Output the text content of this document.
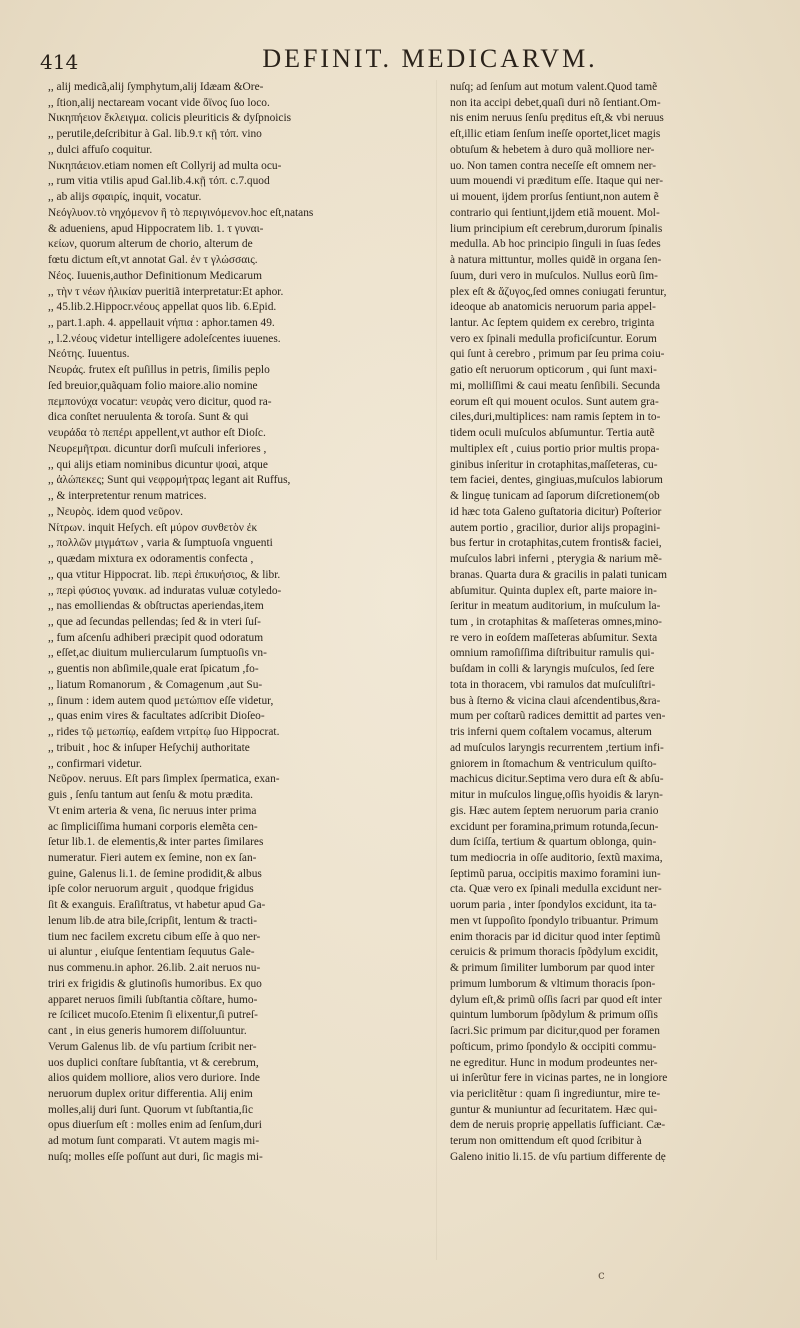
414	DEFINIT. MEDICARVM.
,, alij medicã,alij ſymphytum,alij Idæam &Ore-
,, ſtion,alij nectaream vocant vide ὄϊνος ſuo loco.
Νικηπήειον ἔκλειγμα. colicis pleuriticis & dyſpnoicis
,, perutile,deſcribitur à Gal. lib.9.τ κῇ τόπ. vino
,, dulci affuſo coquitur.
Νικηπάειον.etiam nomen eſt Collyrij ad multa ocu-
,, rum vitia vtilis apud Gal.lib.4.κῇ τόπ. c.7.quod
,, ab alijs σφαιρίς, inquit, vocatur.
Νεόγλυον.τὸ νηχόμενον ἢ τὸ περιγινόμενον.hoc eſt,natans
& adueniens, apud Hippocratem lib. 1. τ γυναι-
κείων, quorum alterum de chorio, alterum de
fœtu dictum eſt,vt annotat Gal. ἐν τ γλώσσαις.
Νέος. Iuuenis,author Definitionum Medicarum
,, τὴν τ νέων ἡλικίαν pueritiã interpretatur:Et aphor.
,, 45.lib.2.Hippocr.νέους appellat quos lib. 6.Epid.
,, part.1.aph. 4. appellauit νήπια : aphor.tamen 49.
,, l.2.νέους videtur intelligere adoleſcentes iuuenes.
Νεότης. Iuuentus.
Νευράς. frutex eſt puſillus in petris, ſimilis peplo
ſed breuior,quãquam folio maiore.alio nomine
πεμπονύχα vocatur: νευρὰς vero dicitur, quod ra-
dica conſtet neruulenta & toroſa. Sunt & qui
νευράδα τὸ πεπέρι appellent,vt author eſt Dioſc.
Νευρεμῆτραι. dicuntur dorſi muſculi inferiores ,
,, qui alijs etiam nominibus dicuntur ψοαὶ, atque
,, ἀλώπεκες; Sunt qui νεφρομήτρας legant ait Ruffus,
,, & interpretentur renum matrices.
,, Νευρὸς. idem quod νεῦρον.
Νίτρων. inquit Heſych. eſt μύρον συνθετὸν ἐκ
,, πολλῶν μιγμάτων , varia & ſumptuoſa vnguenti
,, quædam mixtura ex odoramentis confecta ,
,, qua vtitur Hippocrat. lib. περὶ ἐπικυήσιος, & libr.
,, περὶ φύσιος γυναικ. ad induratas vuluæ cotyledo-
,, nas emolliendas & obſtructas aperiendas,item
,, que ad ſecundas pellendas; ſed & in vteri ſuſ-
,, fum aſcenſu adhiberi præcipit quod odoratum
,, eſſet,ac diuitum muliercularum ſumptuoſis vn-
,, guentis non abſimile,quale erat ſpicatum ,fo-
,, liatum Romanorum , & Comagenum ,aut Su-
,, ſinum : idem autem quod μετώπιον eſſe videtur,
,, quas enim vires & facultates adſcribit Dioſeo-
,, rides τῷ μετωπίῳ, eaſdem νιτρίτῳ ſuo Hippocrat.
,, tribuit , hoc & inſuper Heſychij authoritate
,, confirmari videtur.
Νεῦρον. neruus. Eſt pars ſimplex ſpermatica, exan-
guis , ſenſu tantum aut ſenſu & motu prædita.
Vt enim arteria & vena, ſic neruus inter prima
ac ſimpliciſſima humani corporis elemẽta cen-
ſetur lib.1. de elementis,& inter partes ſimilares
numeratur. Fieri autem ex ſemine, non ex ſan-
guine, Galenus li.1. de ſemine prodidit,& albus
ipſe color neruorum arguit , quodque frigidus
ſit & exanguis. Eraſiſtratus, vt habetur apud Ga-
lenum lib.de atra bile,ſcripſit, lentum & tracti-
tium nec facilem excretu cibum eſſe à quo ner-
ui aluntur , eiuſque ſententiam ſequutus Gale-
nus commenu.in aphor. 26.lib. 2.ait neruos nu-
triri ex frigidis & glutinoſis humoribus. Ex quo
apparet neruos ſimili ſubſtantia cõſtare, humo-
re ſcilicet mucoſo.Etenim ſi elixentur,ſi putreſ-
cant , in eius generis humorem diſſoluuntur.
Verum Galenus lib. de vſu partium ſcribit ner-
uos duplici conſtare ſubſtantia, vt & cerebrum,
alios quidem molliore, alios vero duriore. Inde
neruorum duplex oritur differentia. Alij enim
molles,alij duri ſunt. Quorum vt ſubſtantia,ſic
opus diuerſum eſt : molles enim ad ſenſum,duri
ad motum ſunt comparati. Vt autem magis mi-
nuſq; molles eſſe poſſunt aut duri, ſic magis mi-
nuſq; ad ſenſum aut motum valent.Quod tamẽ
non ita accipi debet,quaſi duri nõ ſentiant.Om-
nis enim neruus ſenſu prẹditus eſt,& vbi neruus
eſt,illic etiam ſenſum ineſſe oportet,licet magis
obtuſum & hebetem à duro quã molliore ner-
uo. Non tamen contra neceſſe eſt omnem ner-
uum mouendi vi præditum eſſe. Itaque qui ner-
ui mouent, ijdem prorſus ſentiunt,non autem ẽ
contrario qui ſentiunt,ijdem etiã mouent. Mol-
lium principium eſt cerebrum,durorum ſpinalis
medulla. Ab hoc principio ſinguli in ſuas ſedes
à natura mittuntur, molles quidẽ in organa ſen-
ſuum, duri vero in muſculos. Nullus eorũ ſim-
plex eſt & ἄζυγος,ſed omnes coniugati feruntur,
ideoque ab anatomicis neruorum paria appel-
lantur. Ac ſeptem quidem ex cerebro, triginta
vero ex ſpinali medulla proficiſcuntur. Eorum
qui ſunt à cerebro , primum par ſeu prima coiu-
gatio eſt neruorum opticorum , qui ſunt maxi-
mi, molliſſimi & caui meatu ſenſibili. Secunda
eorum eſt qui mouent oculos. Sunt autem gra-
ciles,duri,multiplices: nam ramis ſeptem in to-
tidem oculi muſculos abſumuntur. Tertia autẽ
multiplex eſt , cuius portio prior multis propa-
ginibus inſeritur in crotaphitas,maſſeteras, cu-
tem faciei, dentes, gingiuas,muſculos labiorum
& linguẹ tunicam ad ſaporum diſcretionem(ob
id hæc tota Galeno guſtatoria dicitur) Poſterior
autem portio , gracilior, durior alijs propagini-
bus fertur in crotaphitas,cutem frontis& faciei,
muſculos labri inferni , pterygia & narium mẽ-
branas. Quarta dura & gracilis in palati tunicam
abſumitur. Quinta duplex eſt, parte maiore in-
ſeritur in meatum auditorium, in muſculum la-
tum , in crotaphitas & maſſeteras omnes,mino-
re vero in eoſdem maſſeteras abſumitur. Sexta
omnium ramoſiſſima diſtribuitur ramulis qui-
buſdam in colli & laryngis muſculos, ſed ſere
tota in thoracem, vbi ramulos dat muſculiſtri-
bus à ſterno & vicina claui aſcendentibus,&ra-
mum per coſtarũ radices demittit ad partes ven-
tris inferni quem coſtalem vocamus, alterum
ad muſculos laryngis recurrentem ,tertium infi-
gniorem in ſtomachum & ventriculum quiſto-
machicus dicitur.Septima vero dura eſt & abſu-
mitur in muſculos linguẹ,oſſis hyoidis & laryn-
gis. Hæc autem ſeptem neruorum paria cranio
excidunt per foramina,primum rotunda,ſecun-
dum ſciſſa, tertium & quartum oblonga, quin-
tum mediocria in oſſe auditorio, ſextũ maxima,
ſeptimũ parua, occipitis maximo foramini iun-
cta. Quæ vero ex ſpinali medulla excidunt ner-
uorum paria , inter ſpondylos excidunt, ita ta-
men vt ſuppoſito ſpondylo tribuantur. Primum
enim thoracis par id dicitur quod inter ſeptimũ
ceruicis & primum thoracis ſpõdylum excidit,
& primum ſimiliter lumborum par quod inter
primum lumborum & vltimum thoracis ſpon-
dylum eſt,& primũ oſſis ſacri par quod eſt inter
quintum lumborum ſpõdylum & primum oſſis
ſacri.Sic primum par dicitur,quod per foramen
poſticum, primo ſpondylo & occipiti commu-
ne egreditur. Hunc in modum prodeuntes ner-
ui inſerũtur fere in vicinas partes, ne in longiore
via periclitẽtur : quam ſi ingrediuntur, mire te-
guntur & muniuntur ad ſecuritatem. Hæc qui-
dem de neruis propriẹ appellatis ſufficiant. Cæ-
terum non omittendum eſt quod ſcribitur à
Galeno initio li.15. de vſu partium differente dẹ
c
